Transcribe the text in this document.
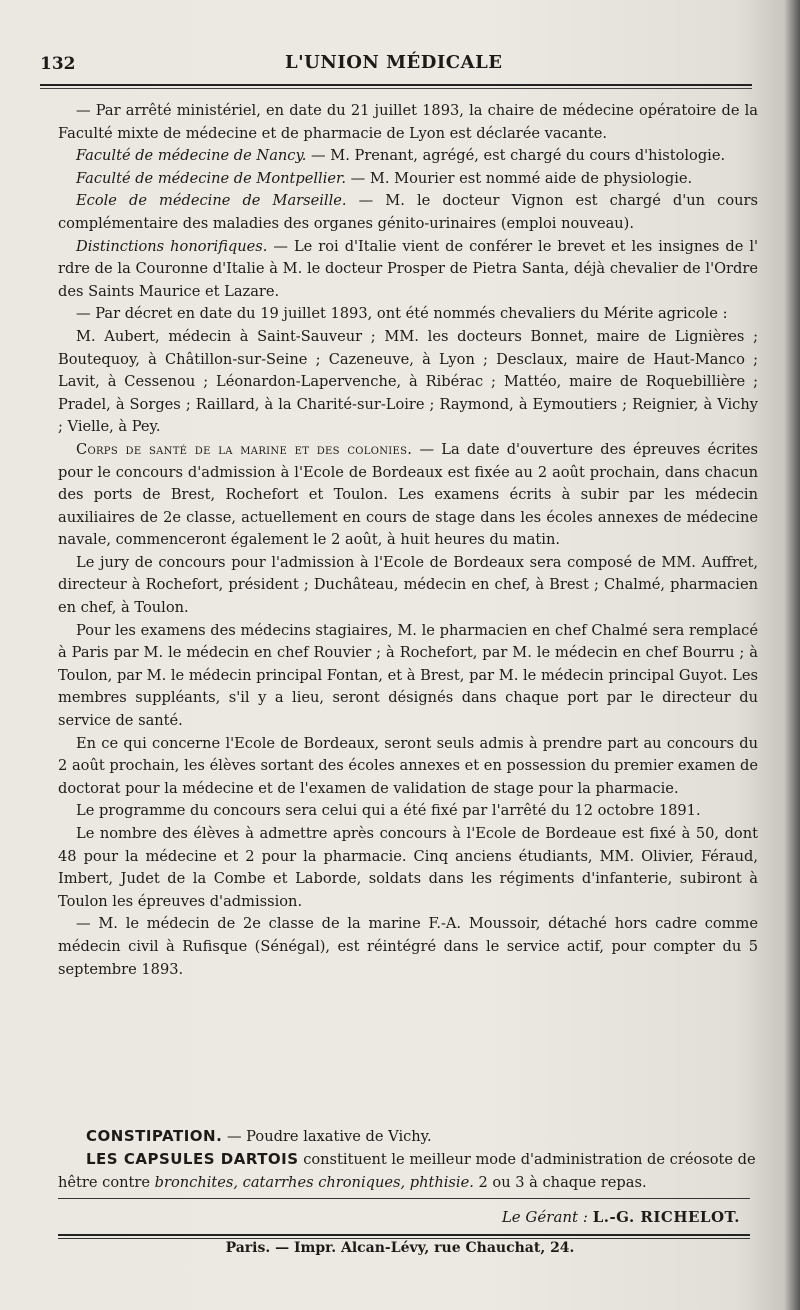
132	L'UNION MÉDICALE

— Par arrêté ministériel, en date du 21 juillet 1893, la chaire de médecine opératoire de la Faculté mixte de médecine et de pharmacie de Lyon est déclarée vacante.

Faculté de médecine de Nancy. — M. Prenant, agrégé, est chargé du cours d'histologie.

Faculté de médecine de Montpellier. — M. Mourier est nommé aide de physiologie.

Ecole de médecine de Marseille. — M. le docteur Vignon est chargé d'un cours complémentaire des maladies des organes génito-urinaires (emploi nouveau).

Distinctions honorifiques. — Le roi d'Italie vient de conférer le brevet et les insignes de l' rdre de la Couronne d'Italie à M. le docteur Prosper de Pietra Santa, déjà chevalier de l'Ordre des Saints Maurice et Lazare.

— Par décret en date du 19 juillet 1893, ont été nommés chevaliers du Mérite agricole :

M. Aubert, médecin à Saint-Sauveur ; MM. les docteurs Bonnet, maire de Lignières ; Boutequoy, à Châtillon-sur-Seine ; Cazeneuve, à Lyon ; Desclaux, maire de Haut-Manco ; Lavit, à Cessenou ; Léonardon-Lapervenche, à Ribérac ; Mattéo, maire de Roquebillière ; Pradel, à Sorges ; Raillard, à la Charité-sur-Loire ; Raymond, à Eymoutiers ; Reignier, à Vichy ; Vielle, à Pey.

Corps de santé de la marine et des colonies. — La date d'ouverture des épreuves écrites pour le concours d'admission à l'Ecole de Bordeaux est fixée au 2 août prochain, dans chacun des ports de Brest, Rochefort et Toulon. Les examens écrits à subir par les médecin auxiliaires de 2e classe, actuellement en cours de stage dans les écoles annexes de médecine navale, commenceront également le 2 août, à huit heures du matin.

Le jury de concours pour l'admission à l'Ecole de Bordeaux sera composé de MM. Auffret, directeur à Rochefort, président ; Duchâteau, médecin en chef, à Brest ; Chalmé, pharmacien en chef, à Toulon.

Pour les examens des médecins stagiaires, M. le pharmacien en chef Chalmé sera remplacé à Paris par M. le médecin en chef Rouvier ; à Rochefort, par M. le médecin en chef Bourru ; à Toulon, par M. le médecin principal Fontan, et à Brest, par M. le médecin principal Guyot. Les membres suppléants, s'il y a lieu, seront désignés dans chaque port par le directeur du service de santé.

En ce qui concerne l'Ecole de Bordeaux, seront seuls admis à prendre part au concours du 2 août prochain, les élèves sortant des écoles annexes et en possession du premier examen de doctorat pour la médecine et de l'examen de validation de stage pour la pharmacie.

Le programme du concours sera celui qui a été fixé par l'arrêté du 12 octobre 1891.

Le nombre des élèves à admettre après concours à l'Ecole de Bordeaue est fixé à 50, dont 48 pour la médecine et 2 pour la pharmacie. Cinq anciens étudiants, MM. Olivier, Féraud, Imbert, Judet de la Combe et Laborde, soldats dans les régiments d'infanterie, subiront à Toulon les épreuves d'admission.

— M. le médecin de 2e classe de la marine F.-A. Moussoir, détaché hors cadre comme médecin civil à Rufisque (Sénégal), est réintégré dans le service actif, pour compter du 5 septembre 1893.

CONSTIPATION. — Poudre laxative de Vichy.
LES CAPSULES DARTOIS constituent le meilleur mode d'administration de créosote de hêtre contre bronchites, catarrhes chroniques, phthisie. 2 ou 3 à chaque repas.
Le Gérant : L.-G. RICHELOT.
Paris. — Impr. Alcan-Lévy, rue Chauchat, 24.
